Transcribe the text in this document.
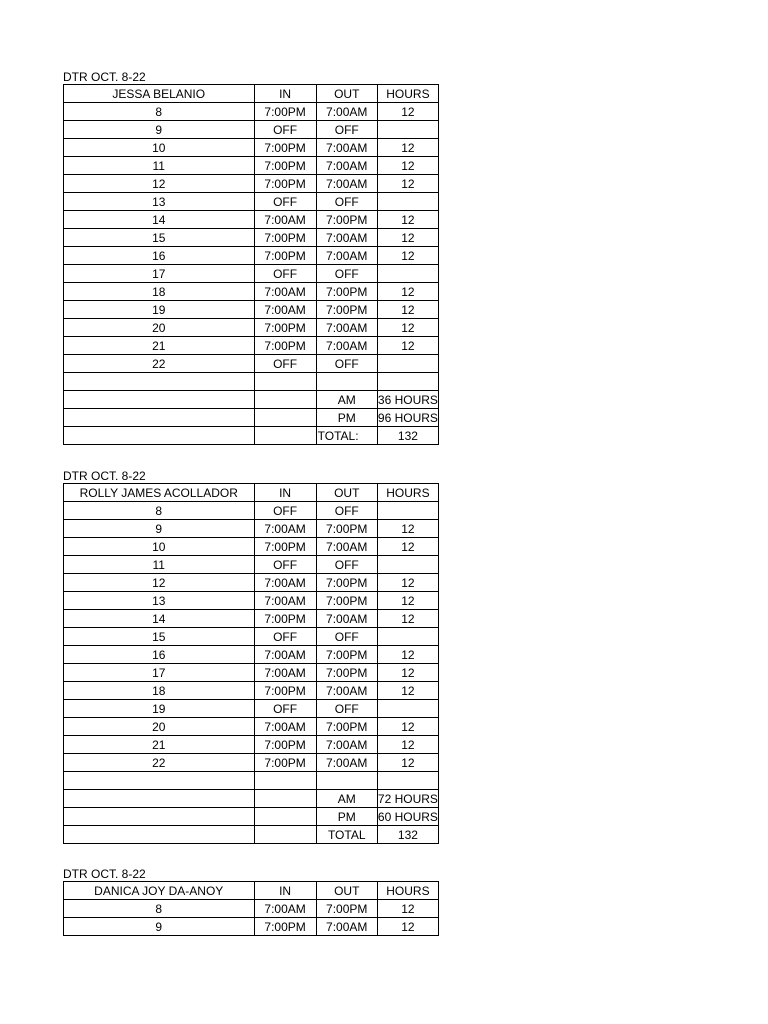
DTR OCT. 8-22
JESSA BELANIO	IN	OUT	HOURS
8	7:00PM	7:00AM	12
9	OFF	OFF	
10	7:00PM	7:00AM	12
11	7:00PM	7:00AM	12
12	7:00PM	7:00AM	12
13	OFF	OFF	
14	7:00AM	7:00PM	12
15	7:00PM	7:00AM	12
16	7:00PM	7:00AM	12
17	OFF	OFF	
18	7:00AM	7:00PM	12
19	7:00AM	7:00PM	12
20	7:00PM	7:00AM	12
21	7:00PM	7:00AM	12
22	OFF	OFF	

		AM	36 HOURS
		PM	96 HOURS
		TOTAL:	132
DTR OCT. 8-22
ROLLY JAMES ACOLLADOR	IN	OUT	HOURS
8	OFF	OFF	
9	7:00AM	7:00PM	12
10	7:00PM	7:00AM	12
11	OFF	OFF	
12	7:00AM	7:00PM	12
13	7:00AM	7:00PM	12
14	7:00PM	7:00AM	12
15	OFF	OFF	
16	7:00AM	7:00PM	12
17	7:00AM	7:00PM	12
18	7:00PM	7:00AM	12
19	OFF	OFF	
20	7:00AM	7:00PM	12
21	7:00PM	7:00AM	12
22	7:00PM	7:00AM	12

		AM	72 HOURS
		PM	60 HOURS
		TOTAL	132
DTR OCT. 8-22
DANICA JOY DA-ANOY	IN	OUT	HOURS
8	7:00AM	7:00PM	12
9	7:00PM	7:00AM	12
